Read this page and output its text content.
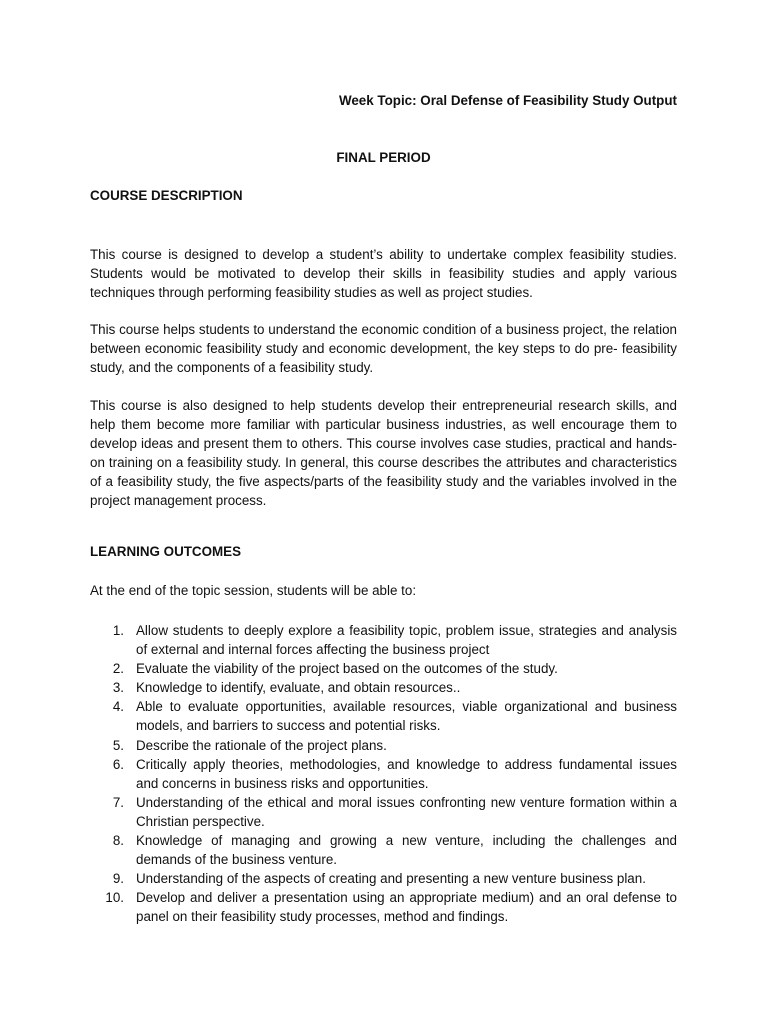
Week Topic: Oral Defense of Feasibility Study Output
FINAL PERIOD
COURSE DESCRIPTION

This course is designed to develop a student’s ability to undertake complex feasibility studies. Students would be motivated to develop their skills in feasibility studies and apply various techniques through performing feasibility studies as well as project studies.

This course helps students to understand the economic condition of a business project, the relation between economic feasibility study and economic development, the key steps to do pre- feasibility study, and the components of a feasibility study.

This course is also designed to help students develop their entrepreneurial research skills, and help them become more familiar with particular business industries, as well encourage them to develop ideas and present them to others. This course involves case studies, practical and hands-on training on a feasibility study. In general, this course describes the attributes and characteristics of a feasibility study, the five aspects/parts of the feasibility study and the variables involved in the project management process.

LEARNING OUTCOMES
At the end of the topic session, students will be able to:
1. Allow students to deeply explore a feasibility topic, problem issue, strategies and analysis of external and internal forces affecting the business project
2. Evaluate the viability of the project based on the outcomes of the study.
3. Knowledge to identify, evaluate, and obtain resources..
4. Able to evaluate opportunities, available resources, viable organizational and business models, and barriers to success and potential risks.
5. Describe the rationale of the project plans.
6. Critically apply theories, methodologies, and knowledge to address fundamental issues and concerns in business risks and opportunities.
7. Understanding of the ethical and moral issues confronting new venture formation within a Christian perspective.
8. Knowledge of managing and growing a new venture, including the challenges and demands of the business venture.
9. Understanding of the aspects of creating and presenting a new venture business plan.
10. Develop and deliver a presentation using an appropriate medium) and an oral defense to panel on their feasibility study processes, method and findings.
